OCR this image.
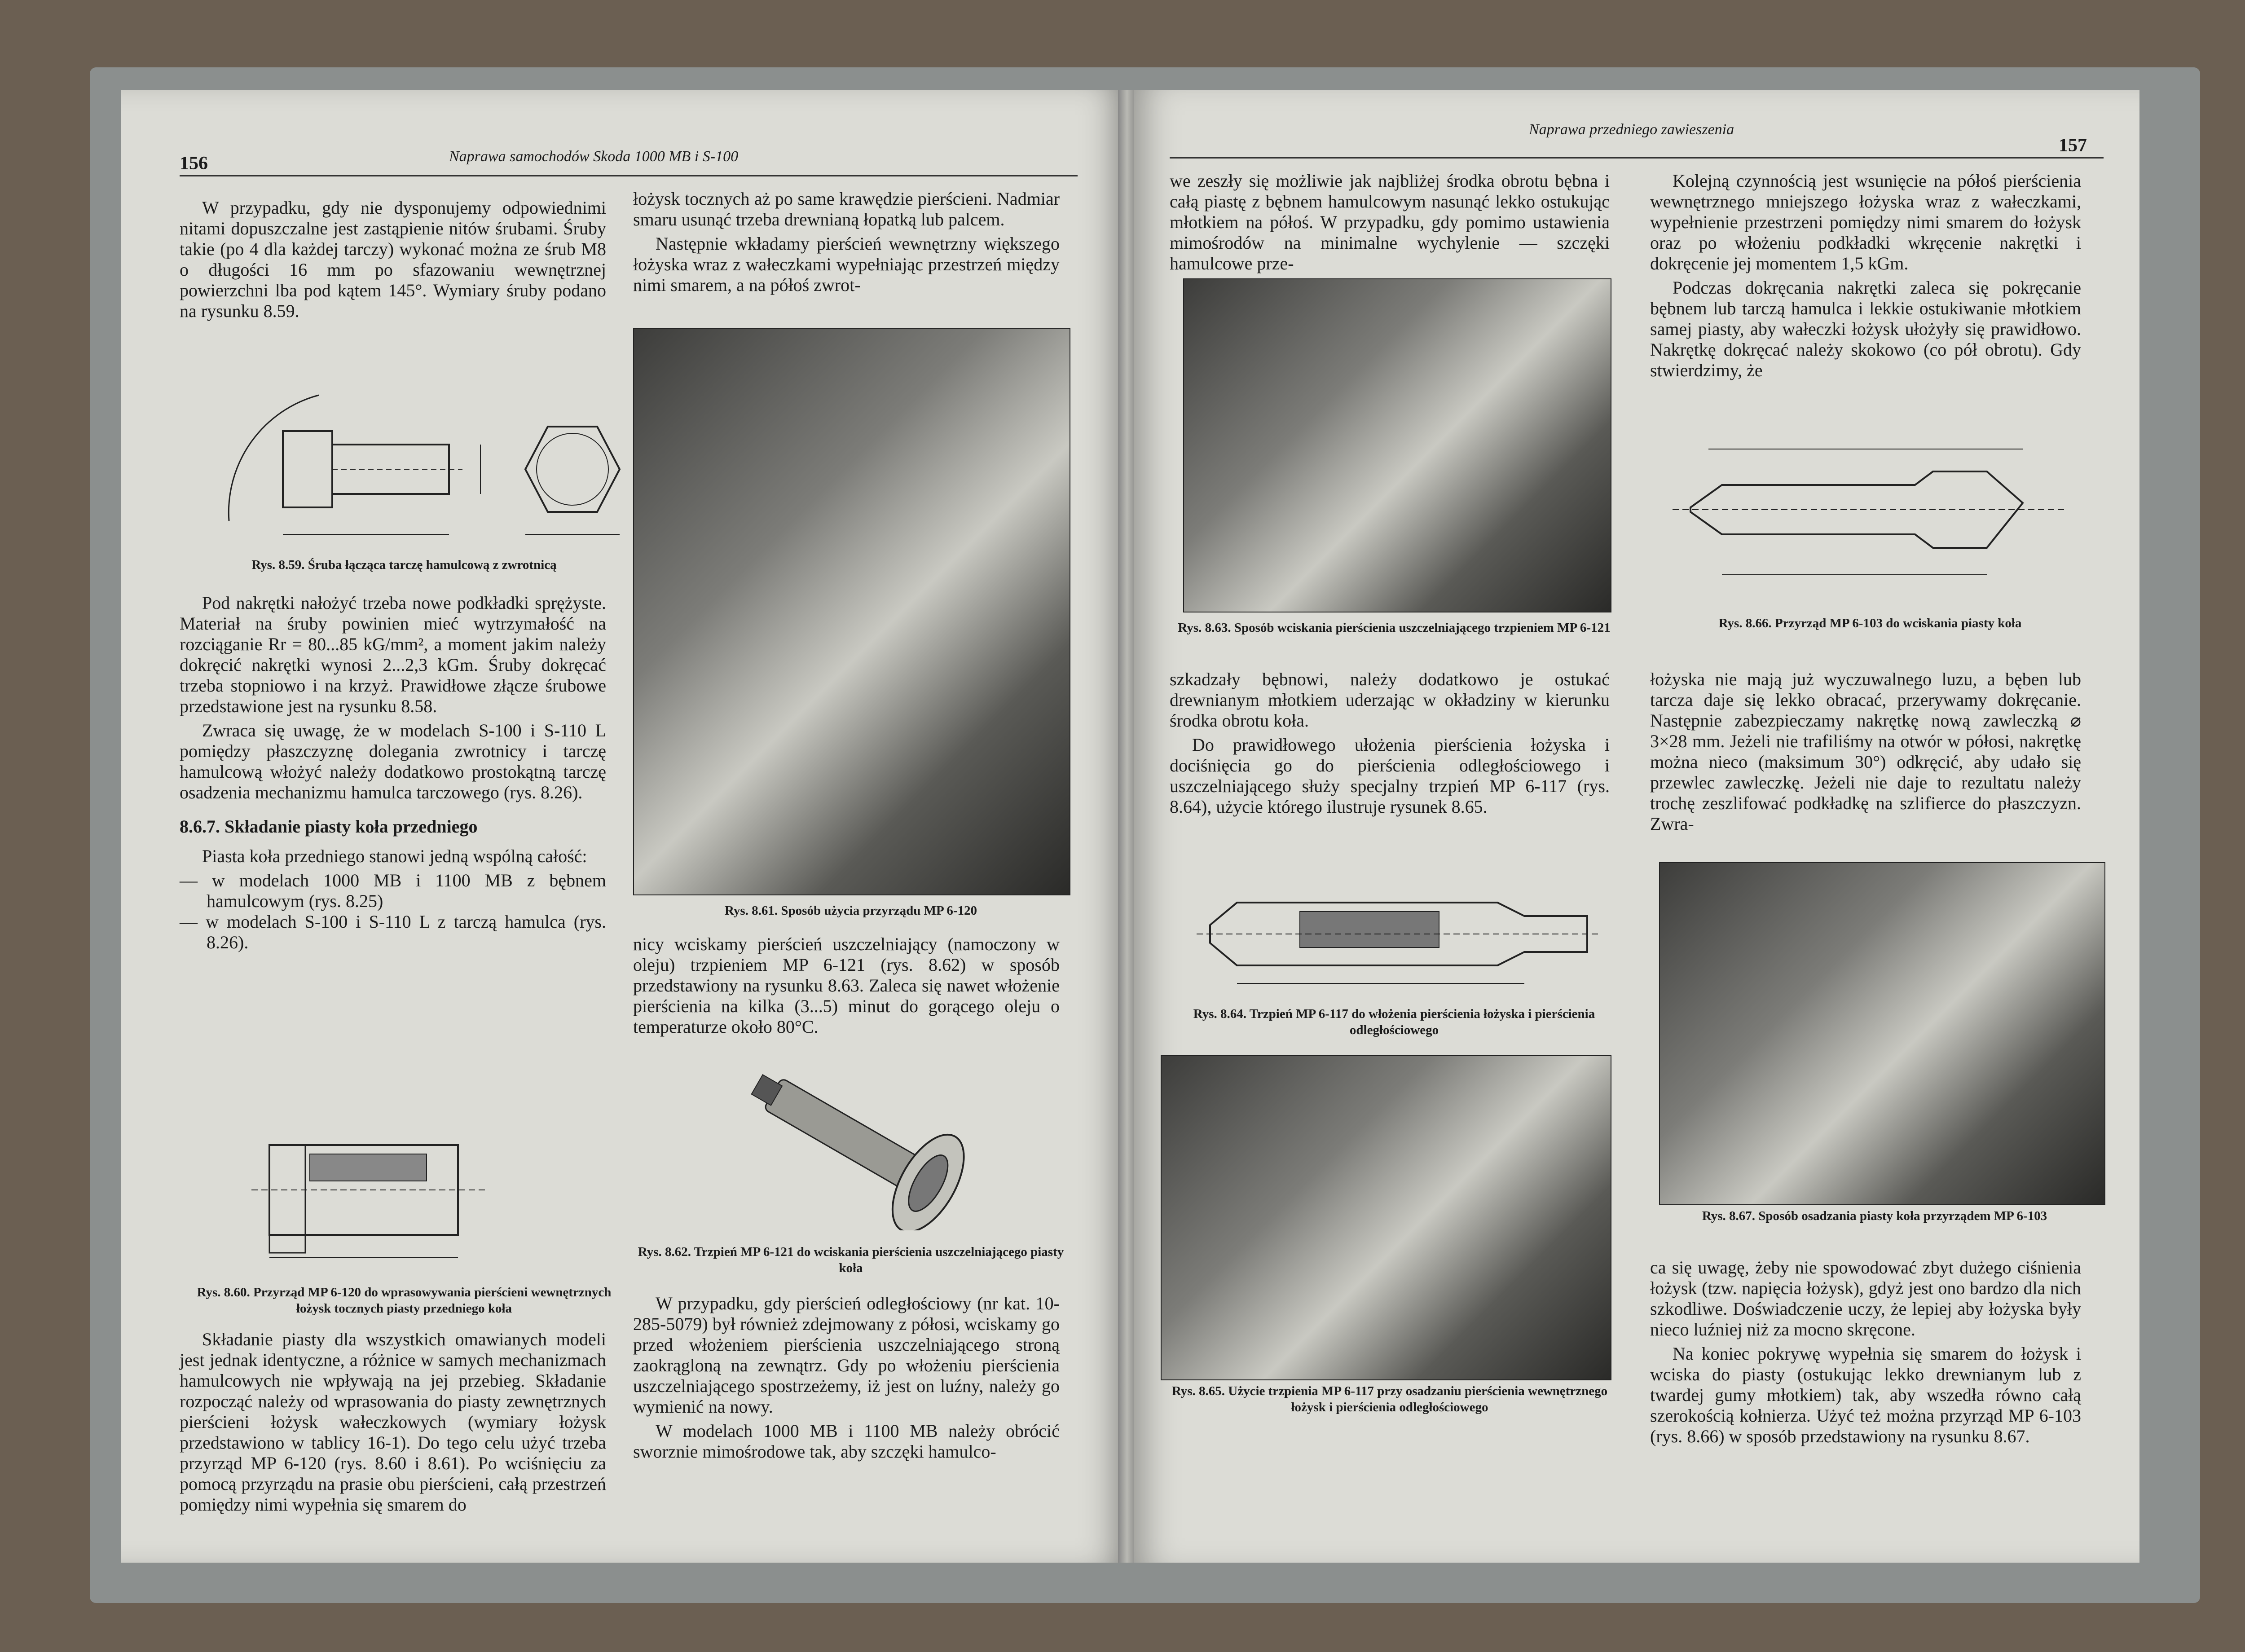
156	Naprawa samochodów Skoda 1000 MB i S-100

W przypadku, gdy nie dysponujemy odpowiednimi nitami dopuszczalne jest zastąpienie nitów śrubami. Śruby takie (po 4 dla każdej tarczy) wykonać można ze śrub M8 o długości 16 mm po sfazowaniu wewnętrznej powierzchni lba pod kątem 145°. Wymiary śruby podano na rysunku 8.59.

Rys. 8.59. Śruba łącząca tarczę hamulcową z zwrotnicą

Pod nakrętki nałożyć trzeba nowe podkładki sprężyste. Materiał na śruby powinien mieć wytrzymałość na rozciąganie Rr = 80...85 kG/mm², a moment jakim należy dokręcić nakrętki wynosi 2...2,3 kGm. Śruby dokręcać trzeba stopniowo i na krzyż. Prawidłowe złącze śrubowe przedstawione jest na rysunku 8.58.

Zwraca się uwagę, że w modelach S-100 i S-110 L pomiędzy płaszczyznę dolegania zwrotnicy i tarczę hamulcową włożyć należy dodatkowo prostokątną tarczę osadzenia mechanizmu hamulca tarczowego (rys. 8.26).

8.6.7. Składanie piasty koła przedniego

Piasta koła przedniego stanowi jedną wspólną całość:

— w modelach 1000 MB i 1100 MB z bębnem hamulcowym (rys. 8.25)
— w modelach S-100 i S-110 L z tarczą hamulca (rys. 8.26).
Rys. 8.60. Przyrząd MP 6-120 do wprasowywania pierścieni wewnętrznych łożysk tocznych piasty przedniego koła

Składanie piasty dla wszystkich omawianych modeli jest jednak identyczne, a różnice w samych mechanizmach hamulcowych nie wpływają na jej przebieg. Składanie rozpocząć należy od wprasowania do piasty zewnętrznych pierścieni łożysk wałeczkowych (wymiary łożysk przedstawiono w tablicy 16-1). Do tego celu użyć trzeba przyrząd MP 6-120 (rys. 8.60 i 8.61). Po wciśnięciu za pomocą przyrządu na prasie obu pierścieni, całą przestrzeń pomiędzy nimi wypełnia się smarem do

łożysk tocznych aż po same krawędzie pierścieni. Nadmiar smaru usunąć trzeba drewnianą łopatką lub palcem.

Następnie wkładamy pierścień wewnętrzny większego łożyska wraz z wałeczkami wypełniając przestrzeń między nimi smarem, a na półoś zwrot-

Rys. 8.61. Sposób użycia przyrządu MP 6-120

nicy wciskamy pierścień uszczelniający (namoczony w oleju) trzpieniem MP 6-121 (rys. 8.62) w sposób przedstawiony na rysunku 8.63. Zaleca się nawet włożenie pierścienia na kilka (3...5) minut do gorącego oleju o temperaturze około 80°C.

Rys. 8.62. Trzpień MP 6-121 do wciskania pierścienia uszczelniającego piasty koła

W przypadku, gdy pierścień odległościowy (nr kat. 10-285-5079) był również zdejmowany z półosi, wciskamy go przed włożeniem pierścienia uszczelniającego stroną zaokrągloną na zewnątrz. Gdy po włożeniu pierścienia uszczelniającego spostrzeżemy, iż jest on luźny, należy go wymienić na nowy.

W modelach 1000 MB i 1100 MB należy obrócić sworznie mimośrodowe tak, aby szczęki hamulco-

Naprawa przedniego zawieszenia
157

we zeszły się możliwie jak najbliżej środka obrotu bębna i całą piastę z bębnem hamulcowym nasunąć lekko ostukując młotkiem na półoś. W przypadku, gdy pomimo ustawienia mimośrodów na minimalne wychylenie — szczęki hamulcowe prze-

Rys. 8.63. Sposób wciskania pierścienia uszczelniającego trzpieniem MP 6-121

szkadzały bębnowi, należy dodatkowo je ostukać drewnianym młotkiem uderzając w okładziny w kierunku środka obrotu koła.

Do prawidłowego ułożenia pierścienia łożyska i dociśnięcia go do pierścienia odległościowego i uszczelniającego służy specjalny trzpień MP 6-117 (rys. 8.64), użycie którego ilustruje rysunek 8.65.

Rys. 8.64. Trzpień MP 6-117 do włożenia pierścienia łożyska i pierścienia odległościowego
Rys. 8.65. Użycie trzpienia MP 6-117 przy osadzaniu pierścienia wewnętrznego łożysk i pierścienia odległościowego

Kolejną czynnością jest wsunięcie na półoś pierścienia wewnętrznego mniejszego łożyska wraz z wałeczkami, wypełnienie przestrzeni pomiędzy nimi smarem do łożysk oraz po włożeniu podkładki wkręcenie nakrętki i dokręcenie jej momentem 1,5 kGm.

Podczas dokręcania nakrętki zaleca się pokręcanie bębnem lub tarczą hamulca i lekkie ostukiwanie młotkiem samej piasty, aby wałeczki łożysk ułożyły się prawidłowo. Nakrętkę dokręcać należy skokowo (co pół obrotu). Gdy stwierdzimy, że

Rys. 8.66. Przyrząd MP 6-103 do wciskania piasty koła

łożyska nie mają już wyczuwalnego luzu, a bęben lub tarcza daje się lekko obracać, przerywamy dokręcanie. Następnie zabezpieczamy nakrętkę nową zawleczką ⌀ 3×28 mm. Jeżeli nie trafiliśmy na otwór w półosi, nakrętkę można nieco (maksimum 30°) odkręcić, aby udało się przewlec zawleczkę. Jeżeli nie daje to rezultatu należy trochę zeszlifować podkładkę na szlifierce do płaszczyzn. Zwra-

Rys. 8.67. Sposób osadzania piasty koła przyrządem MP 6-103

ca się uwagę, żeby nie spowodować zbyt dużego ciśnienia łożysk (tzw. napięcia łożysk), gdyż jest ono bardzo dla nich szkodliwe. Doświadczenie uczy, że lepiej aby łożyska były nieco luźniej niż za mocno skręcone.

Na koniec pokrywę wypełnia się smarem do łożysk i wciska do piasty (ostukując lekko drewnianym lub z twardej gumy młotkiem) tak, aby wszedła równo całą szerokością kołnierza. Użyć też można przyrząd MP 6-103 (rys. 8.66) w sposób przedstawiony na rysunku 8.67.
